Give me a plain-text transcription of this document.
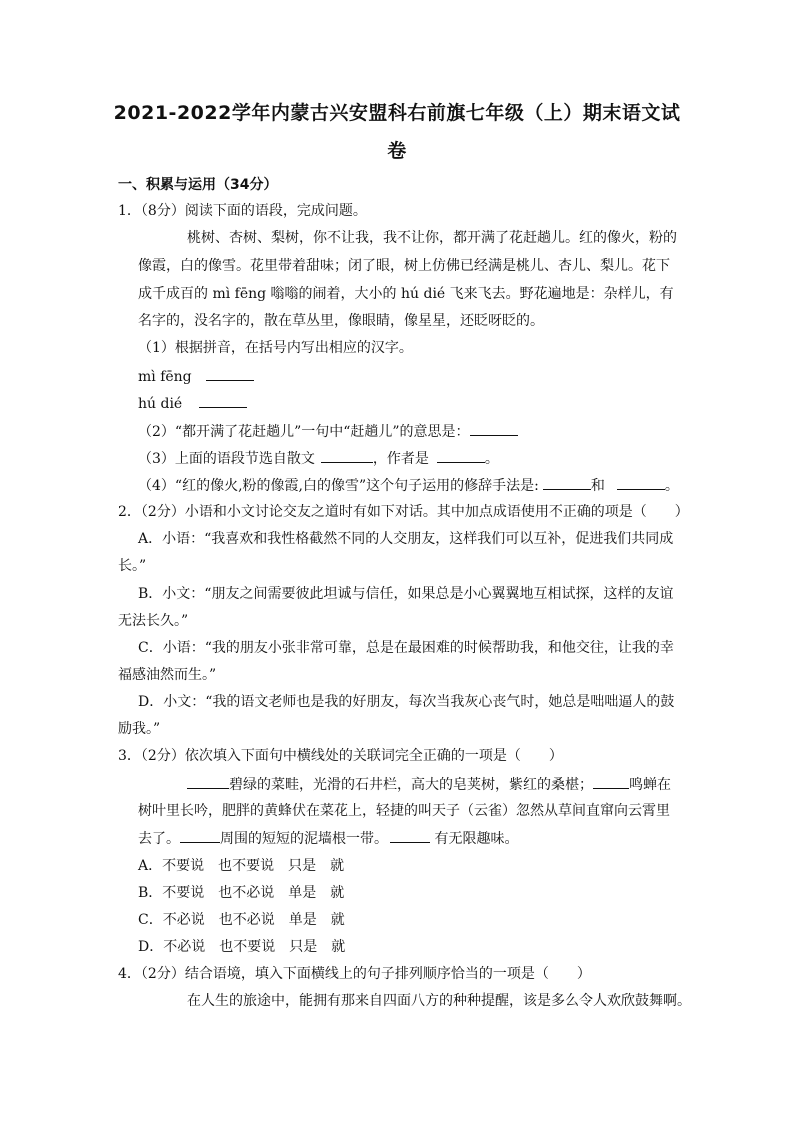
2021-2022学年内蒙古兴安盟科右前旗七年级（上）期末语文试
卷
一、积累与运用（34分）
1．（8分）阅读下面的语段，完成问题。
桃树、杏树、梨树，你不让我，我不让你，都开满了花赶趟儿。红的像火，粉的
像霞，白的像雪。花里带着甜味；闭了眼，树上仿佛已经满是桃儿、杏儿、梨儿。花下
成千成百的 mì fēng 嗡嗡的闹着，大小的 hú dié 飞来飞去。野花遍地是：杂样儿，有
名字的，没名字的，散在草丛里，像眼睛，像星星，还眨呀眨的。
（1）根据拼音，在括号内写出相应的汉字。
mì fēng
hú dié
（2）“都开满了花赶趟儿”一句中“赶趟儿”的意思是：
（3）上面的语段节选自散文	，作者是	。
（4）“红的像火,粉的像霞,白的像雪”这个句子运用的修辞手法是:	和	。
2．（2分）小语和小文讨论交友之道时有如下对话。其中加点成语使用不正确的项是（　　）
A．小语：“我喜欢和我性格截然不同的人交朋友，这样我们可以互补，促进我们共同成
长。”
B．小文：“朋友之间需要彼此坦诚与信任，如果总是小心翼翼地互相试探，这样的友谊
无法长久。”
C．小语：“我的朋友小张非常可靠，总是在最困难的时候帮助我，和他交往，让我的幸
福感油然而生。”
D．小文：“我的语文老师也是我的好朋友，每次当我灰心丧气时，她总是咄咄逼人的鼓
励我。”
3．（2分）依次填入下面句中横线处的关联词完全正确的一项是（　　）
碧绿的菜畦，光滑的石井栏，高大的皂荚树，紫红的桑椹；	鸣蝉在
树叶里长吟，肥胖的黄蜂伏在菜花上，轻捷的叫天子（云雀）忽然从草间直窜向云霄里
去了。	周围的短短的泥墙根一带。	有无限趣味。
A．不要说　也不要说　只是　就
B．不要说　也不必说　单是　就
C．不必说　也不必说　单是　就
D．不必说　也不要说　只是　就
4．（2分）结合语境，填入下面横线上的句子排列顺序恰当的一项是（　　）
在人生的旅途中，能拥有那来自四面八方的种种提醒，该是多么令人欢欣鼓舞啊。
